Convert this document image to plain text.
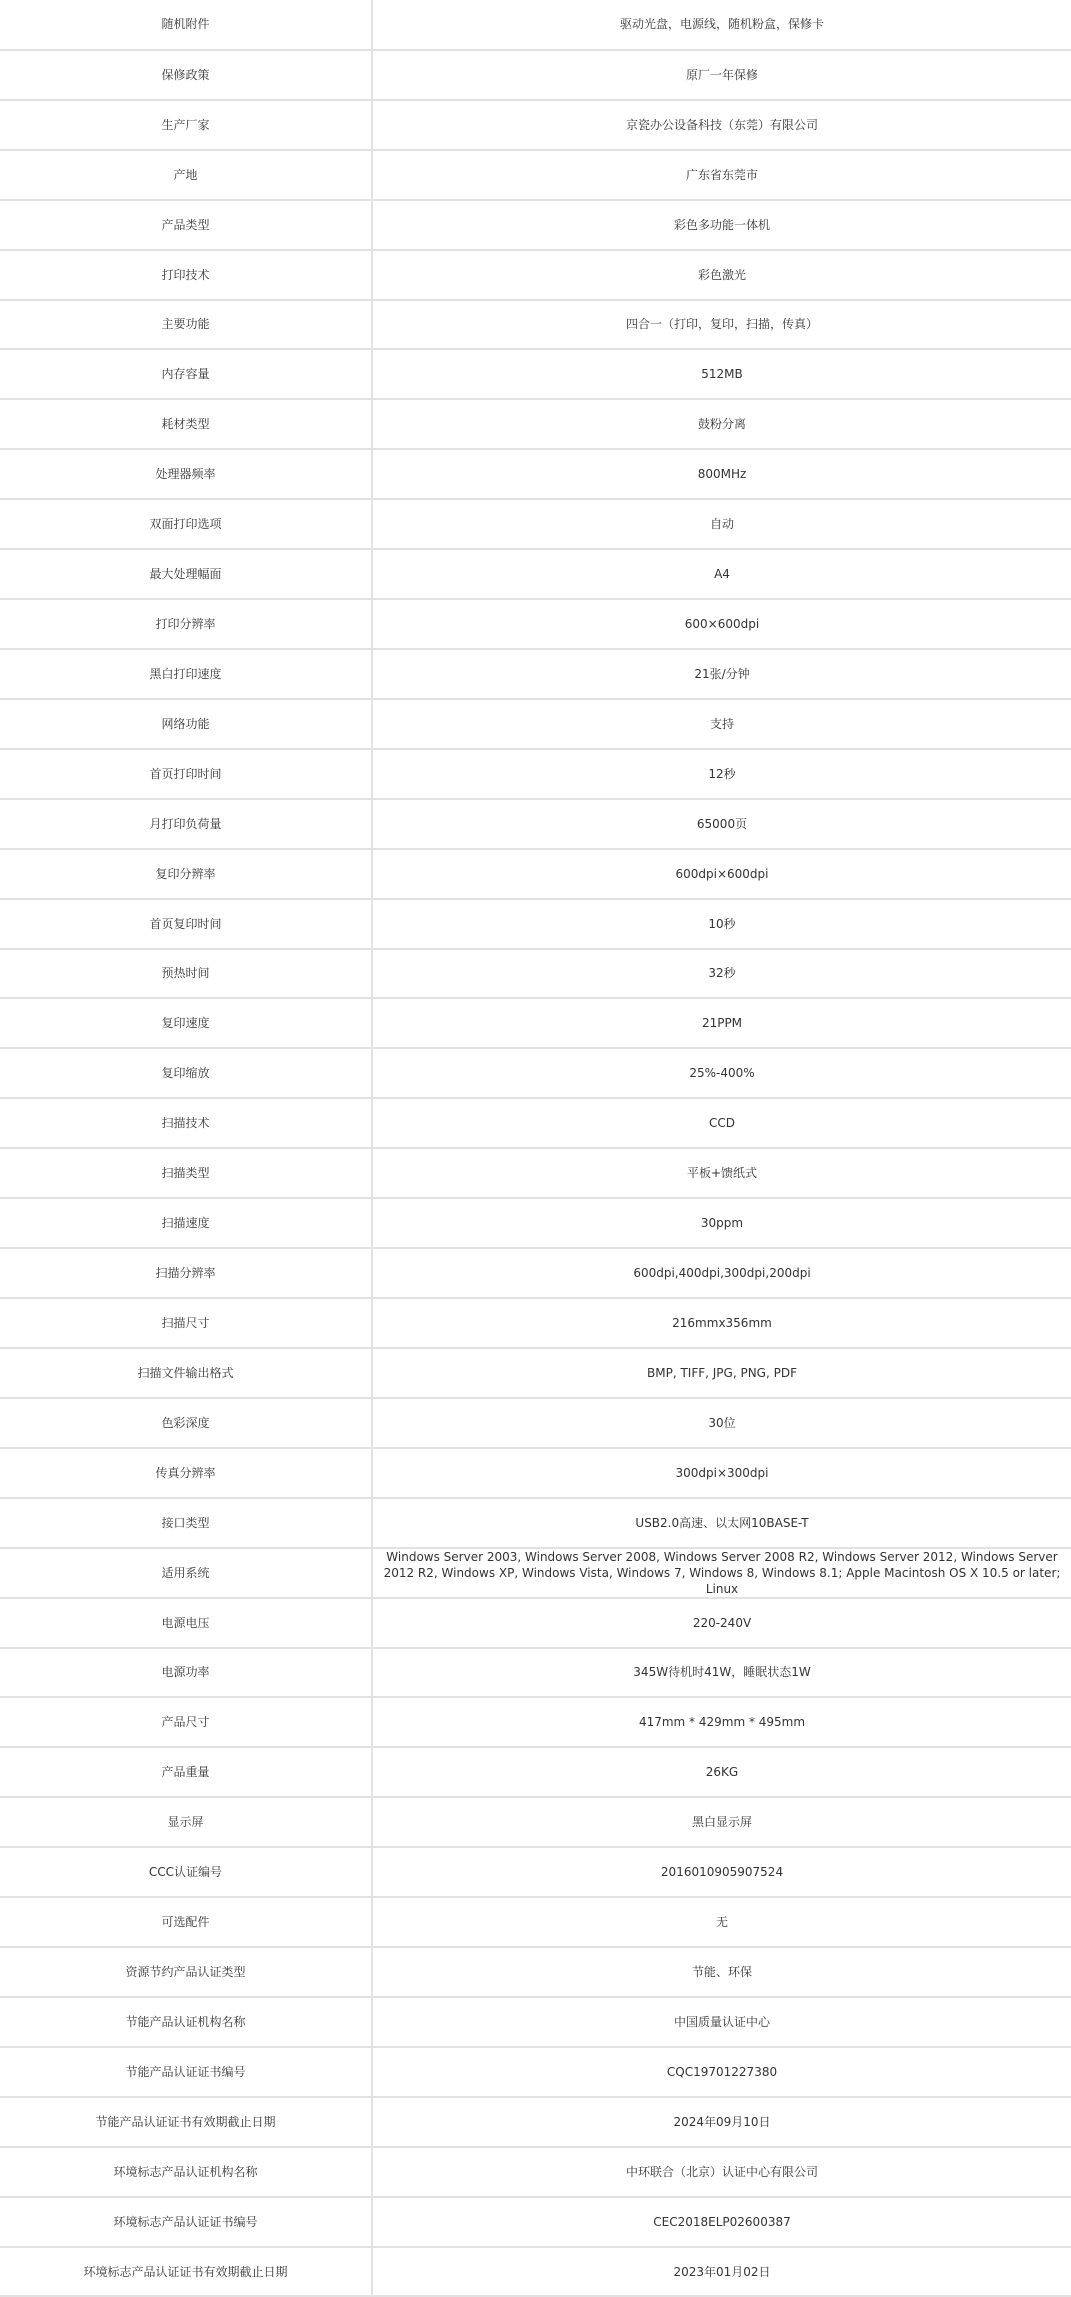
随机附件	驱动光盘，电源线，随机粉盒，保修卡
保修政策	原厂一年保修
生产厂家	京瓷办公设备科技（东莞）有限公司
产地	广东省东莞市
产品类型	彩色多功能一体机
打印技术	彩色激光
主要功能	四合一（打印，复印，扫描，传真）
内存容量	512MB
耗材类型	鼓粉分离
处理器频率	800MHz
双面打印选项	自动
最大处理幅面	A4
打印分辨率	600×600dpi
黑白打印速度	21张/分钟
网络功能	支持
首页打印时间	12秒
月打印负荷量	65000页
复印分辨率	600dpi×600dpi
首页复印时间	10秒
预热时间	32秒
复印速度	21PPM
复印缩放	25%-400%
扫描技术	CCD
扫描类型	平板+馈纸式
扫描速度	30ppm
扫描分辨率	600dpi,400dpi,300dpi,200dpi
扫描尺寸	216mmx356mm
扫描文件输出格式	BMP, TIFF, JPG, PNG, PDF
色彩深度	30位
传真分辨率	300dpi×300dpi
接口类型	USB2.0高速、以太网10BASE-T
适用系统	Windows Server 2003, Windows Server 2008, Windows Server 2008 R2, Windows Server 2012, Windows Server 2012 R2, Windows XP, Windows Vista, Windows 7, Windows 8, Windows 8.1; Apple Macintosh OS X 10.5 or later; Linux
电源电压	220-240V
电源功率	345W待机时41W，睡眠状态1W
产品尺寸	417mm * 429mm * 495mm
产品重量	26KG
显示屏	黑白显示屏
CCC认证编号	2016010905907524
可选配件	无
资源节约产品认证类型	节能、环保
节能产品认证机构名称	中国质量认证中心
节能产品认证证书编号	CQC19701227380
节能产品认证证书有效期截止日期	2024年09月10日
环境标志产品认证机构名称	中环联合（北京）认证中心有限公司
环境标志产品认证证书编号	CEC2018ELP02600387
环境标志产品认证证书有效期截止日期	2023年01月02日
